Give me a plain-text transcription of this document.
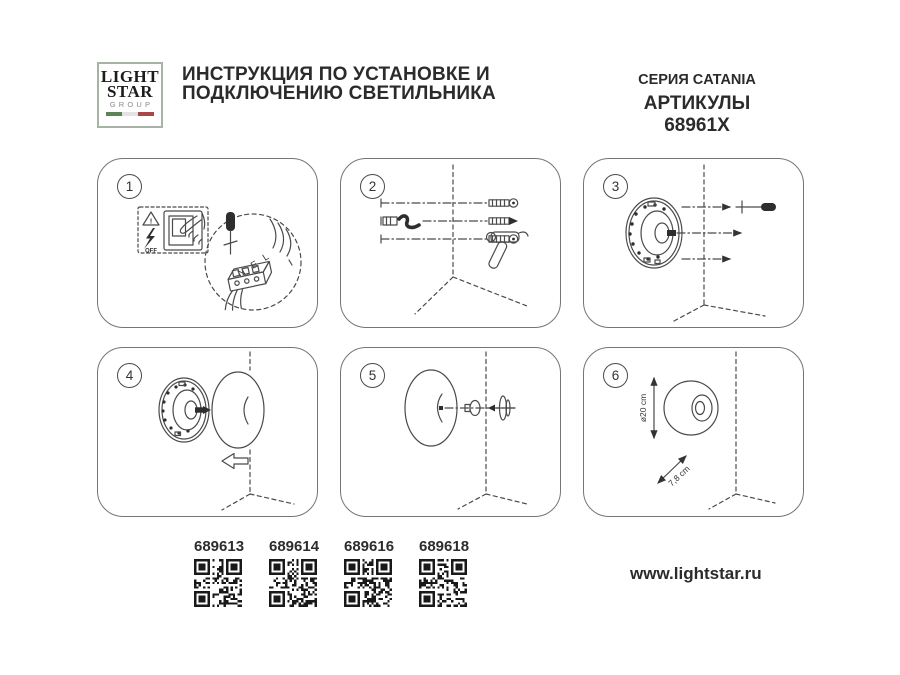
LIGHT
STAR
GROUP
ИНСТРУКЦИЯ ПО УСТАНОВКЕ И
ПОДКЛЮЧЕНИЮ СВЕТИЛЬНИКА
СЕРИЯ CATANIA
АРТИКУЛЫ 68961X
1
!
OFF
N
E
L
2	3
4	5	6
ø20 cm
7,8 cm
689613 689614 689616 689618
www.lightstar.ru
